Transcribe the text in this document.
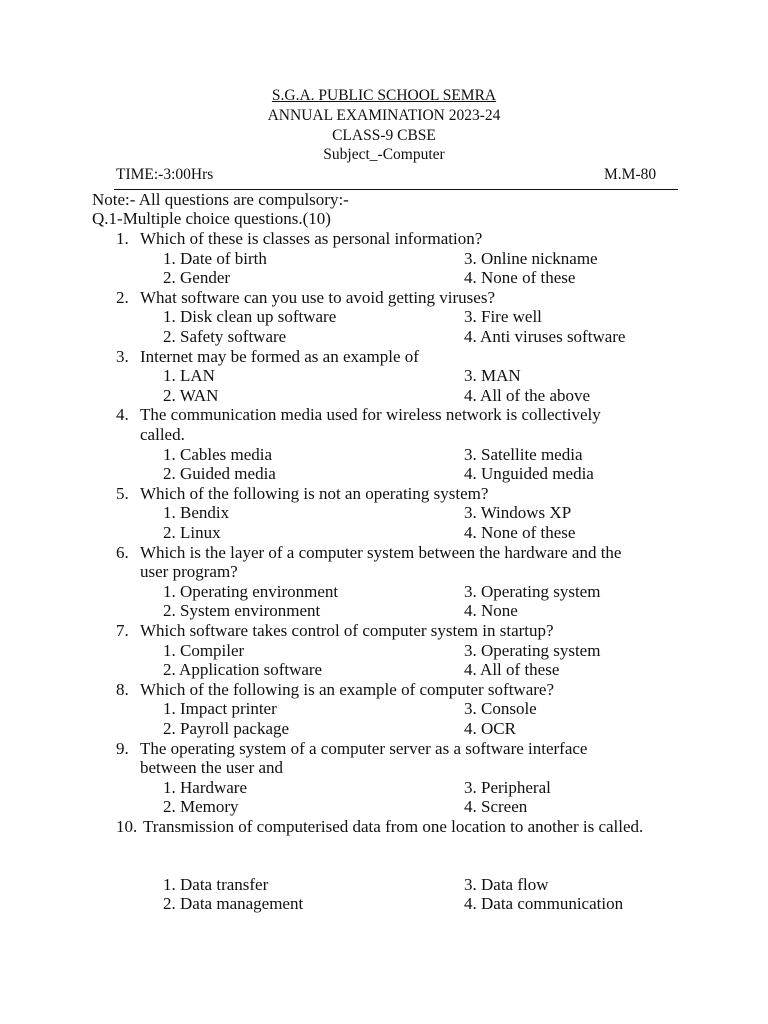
S.G.A. PUBLIC SCHOOL SEMRA
ANNUAL EXAMINATION 2023-24
CLASS-9 CBSE
Subject_-Computer
TIME:-3:00Hrs	M.M-80
Note:- All questions are compulsory:-
Q.1-Multiple choice questions.(10)
1. Which of these is classes as personal information?
1. Date of birth
2. Gender
3. Online nickname
4. None of these
2. What software can you use to avoid getting viruses?
1. Disk clean up software
2. Safety software
3. Fire well
4. Anti viruses software
3. Internet may be formed as an example of
1. LAN
2. WAN
3. MAN
4. All of the above
4. The communication media used for wireless network is collectively
called.
1. Cables media
2. Guided media
3. Satellite media
4. Unguided media
5. Which of the following is not an operating system?
1. Bendix
2. Linux
3. Windows XP
4. None of these
6. Which is the layer of a computer system between the hardware and the
user program?
1. Operating environment
2. System environment
3. Operating system
4. None
7. Which software takes control of computer system in startup?
1. Compiler
2. Application software
3. Operating system
4. All of these
8. Which of the following is an example of computer software?
1. Impact printer
2. Payroll package
3. Console
4. OCR
9. The operating system of a computer server as a software interface
between the user and
1. Hardware
2. Memory
3. Peripheral
4. Screen
10. Transmission of computerised data from one location to another is called.
1. Data transfer
2. Data management
3. Data flow
4. Data communication
